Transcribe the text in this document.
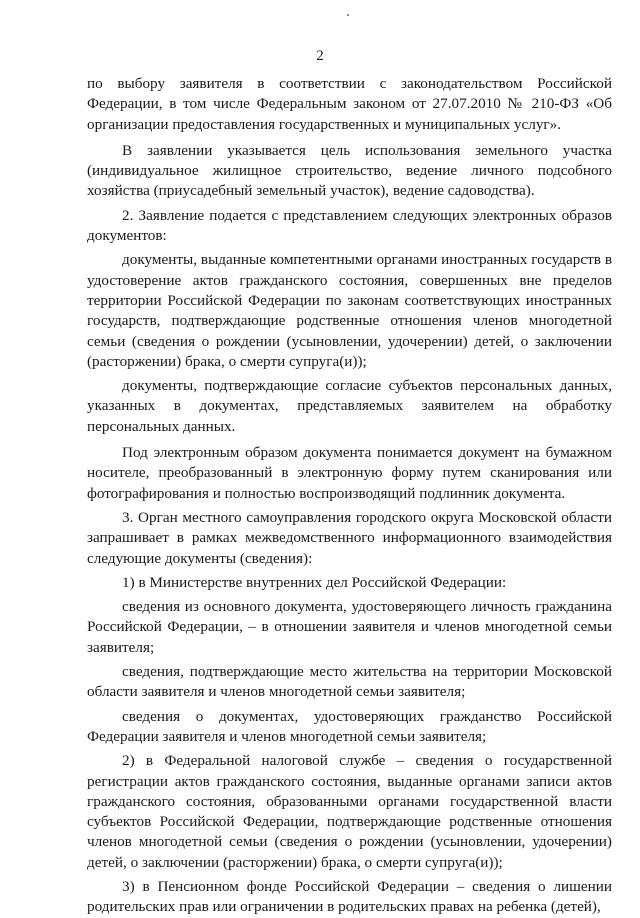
2

по выбору заявителя в соответствии с законодательством Российской Федерации, в том числе Федеральным законом от 27.07.2010 № 210-ФЗ «Об организации предоставления государственных и муниципальных услуг».

В заявлении указывается цель использования земельного участка (индивидуальное жилищное строительство, ведение личного подсобного хозяйства (приусадебный земельный участок), ведение садоводства).

2. Заявление подается с представлением следующих электронных образов документов:

документы, выданные компетентными органами иностранных государств в удостоверение актов гражданского состояния, совершенных вне пределов территории Российской Федерации по законам соответствующих иностранных государств, подтверждающие родственные отношения членов многодетной семьи (сведения о рождении (усыновлении, удочерении) детей, о заключении (расторжении) брака, о смерти супруга(и));

документы, подтверждающие согласие субъектов персональных данных, указанных в документах, представляемых заявителем на обработку персональных данных.

Под электронным образом документа понимается документ на бумажном носителе, преобразованный в электронную форму путем сканирования или фотографирования и полностью воспроизводящий подлинник документа.

3. Орган местного самоуправления городского округа Московской области запрашивает в рамках межведомственного информационного взаимодействия следующие документы (сведения):

1) в Министерстве внутренних дел Российской Федерации:

сведения из основного документа, удостоверяющего личность гражданина Российской Федерации, – в отношении заявителя и членов многодетной семьи заявителя;

сведения, подтверждающие место жительства на территории Московской области заявителя и членов многодетной семьи заявителя;

сведения о документах, удостоверяющих гражданство Российской Федерации заявителя и членов многодетной семьи заявителя;

2) в Федеральной налоговой службе – сведения о государственной регистрации актов гражданского состояния, выданные органами записи актов гражданского состояния, образованными органами государственной власти субъектов Российской Федерации, подтверждающие родственные отношения членов многодетной семьи (сведения о рождении (усыновлении, удочерении) детей, о заключении (расторжении) брака, о смерти супруга(и));

3) в Пенсионном фонде Российской Федерации – сведения о лишении родительских прав или ограничении в родительских правах на ребенка (детей),
